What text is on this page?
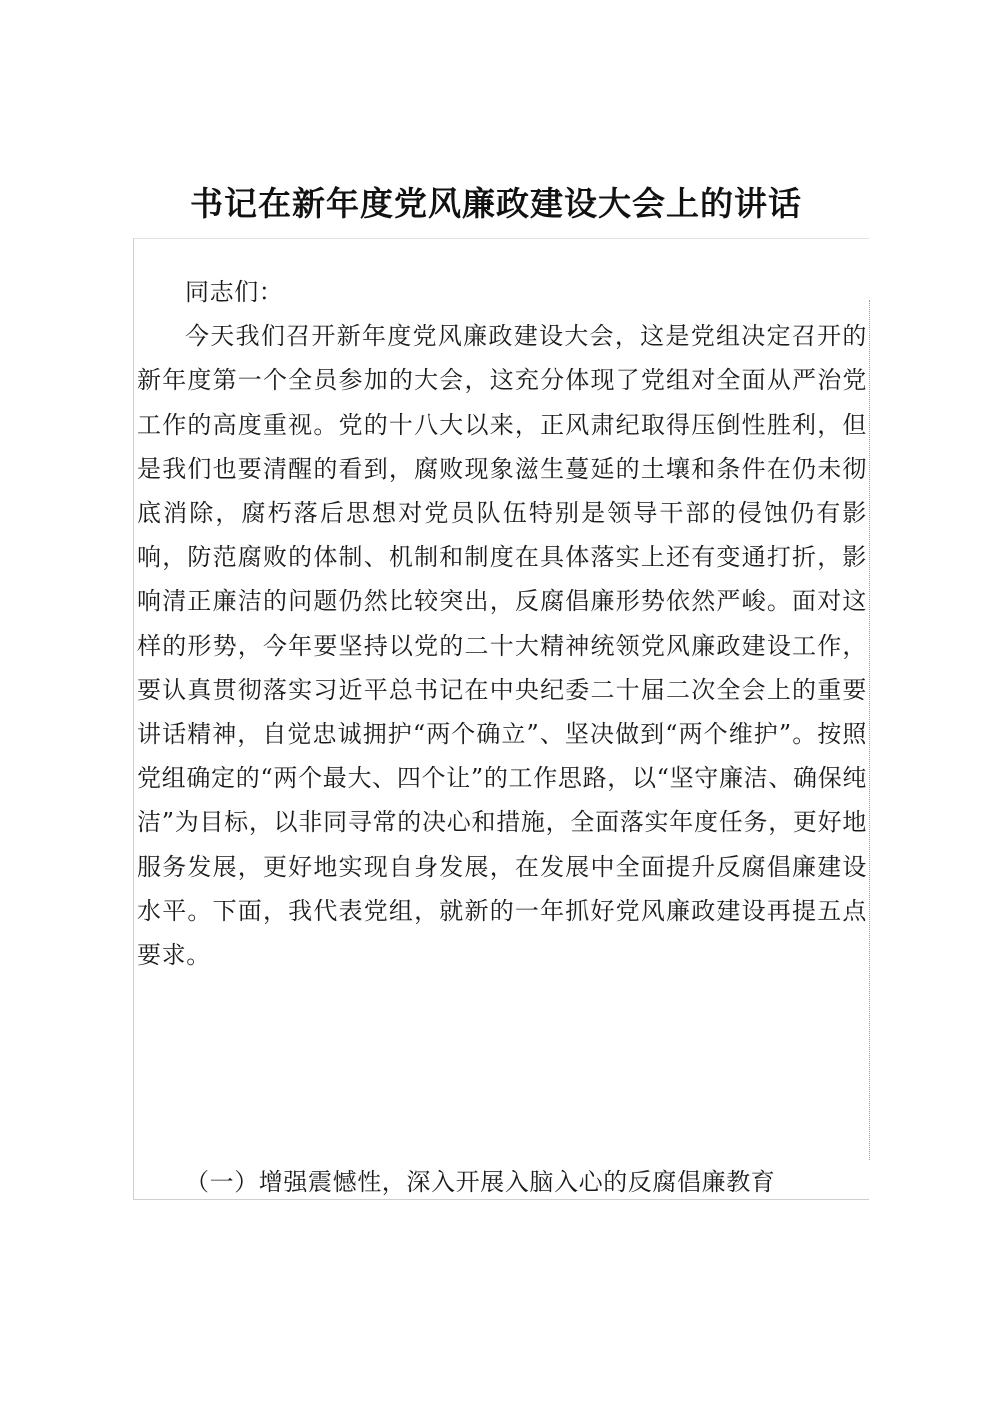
书记在新年度党风廉政建设大会上的讲话

同志们：

今天我们召开新年度党风廉政建设大会，这是党组决定召开的新年度第一个全员参加的大会，这充分体现了党组对全面从严治党工作的高度重视。党的十八大以来，正风肃纪取得压倒性胜利，但是我们也要清醒的看到，腐败现象滋生蔓延的土壤和条件在仍未彻底消除，腐朽落后思想对党员队伍特别是领导干部的侵蚀仍有影响，防范腐败的体制、机制和制度在具体落实上还有变通打折，影响清正廉洁的问题仍然比较突出，反腐倡廉形势依然严峻。面对这样的形势，今年要坚持以党的二十大精神统领党风廉政建设工作，要认真贯彻落实习近平总书记在中央纪委二十届二次全会上的重要讲话精神，自觉忠诚拥护“两个确立”、坚决做到“两个维护”。按照党组确定的“两个最大、四个让”的工作思路，以“坚守廉洁、确保纯洁”为目标，以非同寻常的决心和措施，全面落实年度任务，更好地服务发展，更好地实现自身发展，在发展中全面提升反腐倡廉建设水平。下面，我代表党组，就新的一年抓好党风廉政建设再提五点要求。

（一）增强震憾性，深入开展入脑入心的反腐倡廉教育
